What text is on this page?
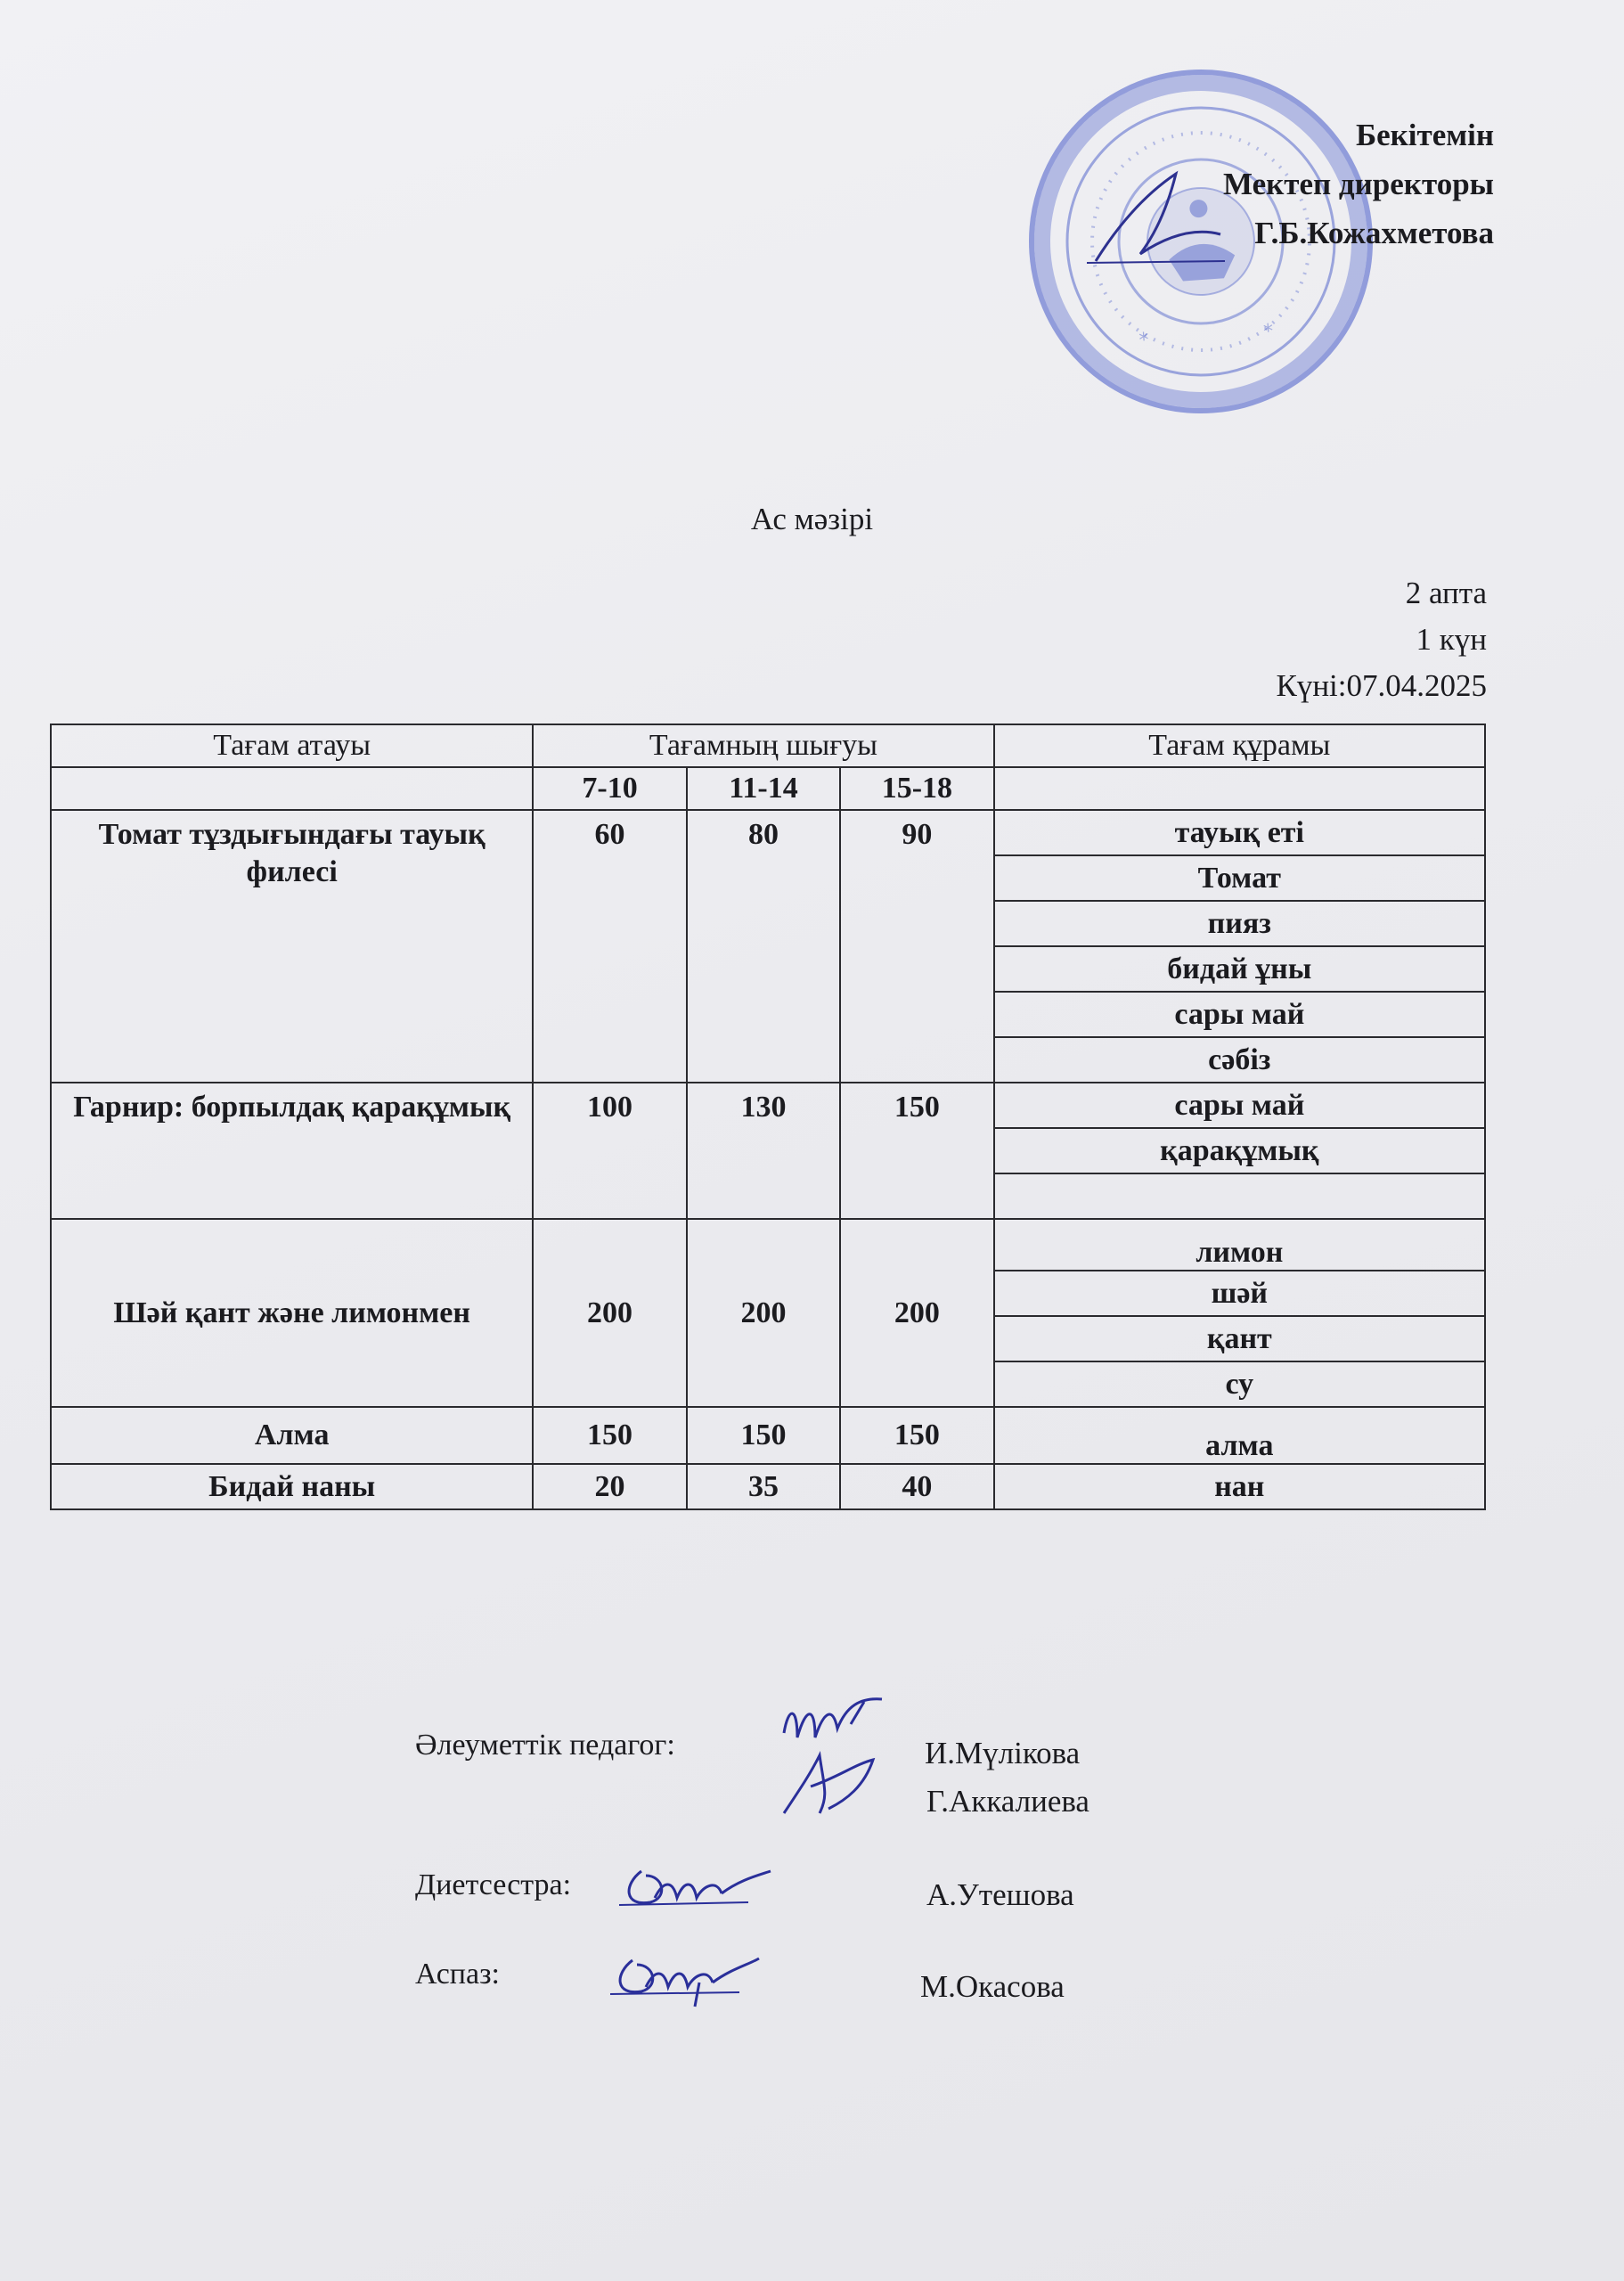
*
*
Бекітемін
Мектеп директоры
Г.Б.Кожахметова
Ас мәзірі
2 апта
1 күн
Күні:07.04.2025
Тағам атауы	Тағамның шығуы			Тағам құрамы
	7-10	11-14	15-18	
Томат тұздығындағы тауық филесі	60	80	90	тауық еті
				Томат
				пияз
				бидай ұны
				сары май
				сәбіз
Гарнир: борпылдақ қарақұмық	100	130	150	сары май
				қарақұмық

Шәй қант және лимонмен	200	200	200	лимон
				шәй
				қант
				су
Алма	150	150	150	алма
Бидай наны	20	35	40	нан
Әлеуметтік педагог:	И.Мүлікова
Г.Аккалиева
Диетсестра:	А.Утешова
Аспаз:	М.Окасова
